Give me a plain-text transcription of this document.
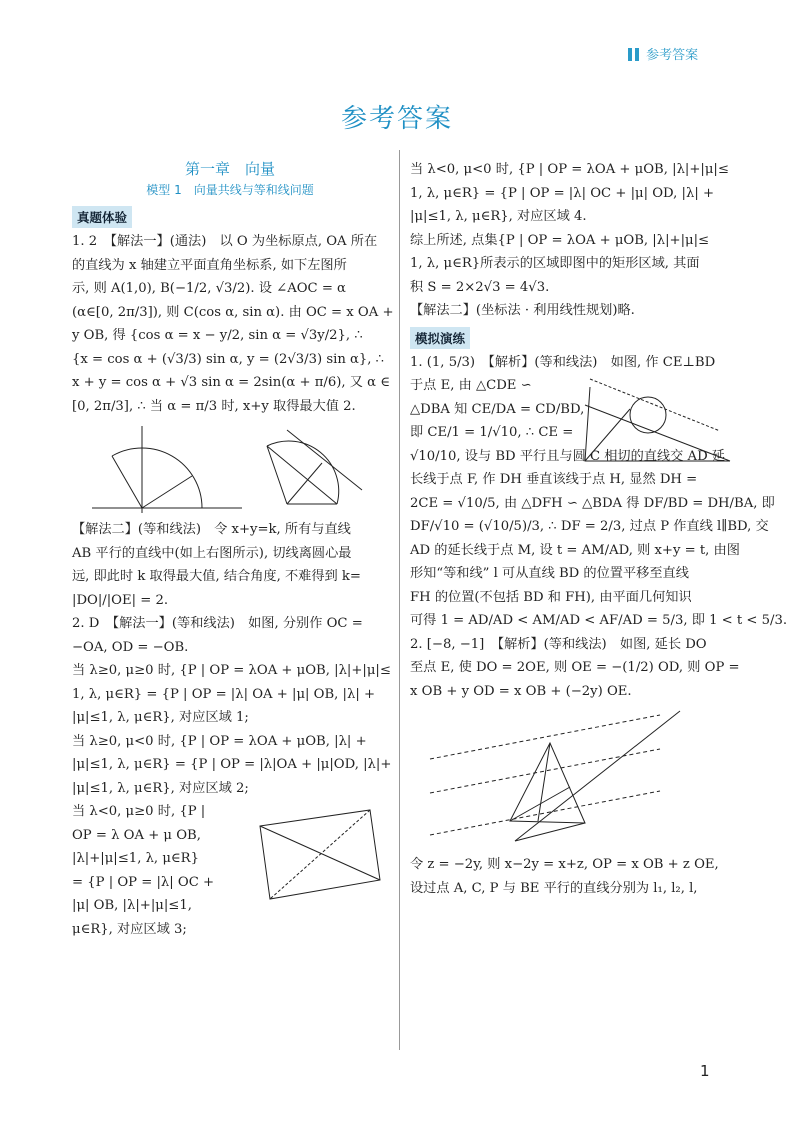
参考答案
参考答案
第一章　向量
模型 1　向量共线与等和线问题
真题体验
1. 2　【解法一】(通法)　以 O 为坐标原点, OA 所在
的直线为 x 轴建立平面直角坐标系, 如下左图所
示, 则 A(1,0), B(−1/2, √3/2). 设 ∠AOC = α
(α∈[0, 2π/3]), 则 C(cos α, sin α). 由 OC = x OA +
y OB, 得 {cos α = x − y/2, sin α = √3y/2}, ∴
{x = cos α + (√3/3) sin α, y = (2√3/3) sin α}, ∴
x + y = cos α + √3 sin α = 2sin(α + π/6), 又 α ∈
[0, 2π/3], ∴ 当 α = π/3 时, x+y 取得最大值 2.
【解法二】(等和线法)　令 x+y=k, 所有与直线
AB 平行的直线中(如上右图所示), 切线离圆心最
远, 即此时 k 取得最大值, 结合角度, 不难得到 k=
|DO|/|OE| = 2.
2. D　【解法一】(等和线法)　如图, 分别作 OC =
−OA, OD = −OB.
当 λ≥0, μ≥0 时, {P | OP = λOA + μOB, |λ|+|μ|≤
1, λ, μ∈R} = {P | OP = |λ| OA + |μ| OB, |λ| +
|μ|≤1, λ, μ∈R}, 对应区域 1;
当 λ≥0, μ<0 时, {P | OP = λOA + μOB, |λ| +
|μ|≤1, λ, μ∈R} = {P | OP = |λ|OA + |μ|OD, |λ|+
|μ|≤1, λ, μ∈R}, 对应区域 2;
当 λ<0, μ≥0 时, {P |
OP = λ OA + μ OB,
|λ|+|μ|≤1, λ, μ∈R}
= {P | OP = |λ| OC +
|μ| OB, |λ|+|μ|≤1,
μ∈R}, 对应区域 3;
当 λ<0, μ<0 时, {P | OP = λOA + μOB, |λ|+|μ|≤
1, λ, μ∈R} = {P | OP = |λ| OC + |μ| OD, |λ| +
|μ|≤1, λ, μ∈R}, 对应区域 4.
综上所述, 点集{P | OP = λOA + μOB, |λ|+|μ|≤
1, λ, μ∈R}所表示的区域即图中的矩形区域, 其面
积 S = 2×2√3 = 4√3.
【解法二】(坐标法 · 利用线性规划)略.
模拟演练
1. (1, 5/3)　【解析】(等和线法)　如图, 作 CE⊥BD
于点 E, 由 △CDE ∽
△DBA 知 CE/DA = CD/BD,
即 CE/1 = 1/√10, ∴ CE =
√10/10, 设与 BD 平行且与圆 C 相切的直线交 AD 延
长线于点 F, 作 DH 垂直该线于点 H, 显然 DH =
2CE = √10/5, 由 △DFH ∽ △BDA 得 DF/BD = DH/BA, 即
DF/√10 = (√10/5)/3, ∴ DF = 2/3, 过点 P 作直线 l∥BD, 交
AD 的延长线于点 M, 设 t = AM/AD, 则 x+y = t, 由图
形知“等和线” l 可从直线 BD 的位置平移至直线
FH 的位置(不包括 BD 和 FH), 由平面几何知识
可得 1 = AD/AD < AM/AD < AF/AD = 5/3, 即 1 < t < 5/3.
2. [−8, −1]　【解析】(等和线法)　如图, 延长 DO
至点 E, 使 DO = 2OE, 则 OE = −(1/2) OD, 则 OP =
x OB + y OD = x OB + (−2y) OE.
令 z = −2y, 则 x−2y = x+z, OP = x OB + z OE,
设过点 A, C, P 与 BE 平行的直线分别为 l₁, l₂, l,
1
